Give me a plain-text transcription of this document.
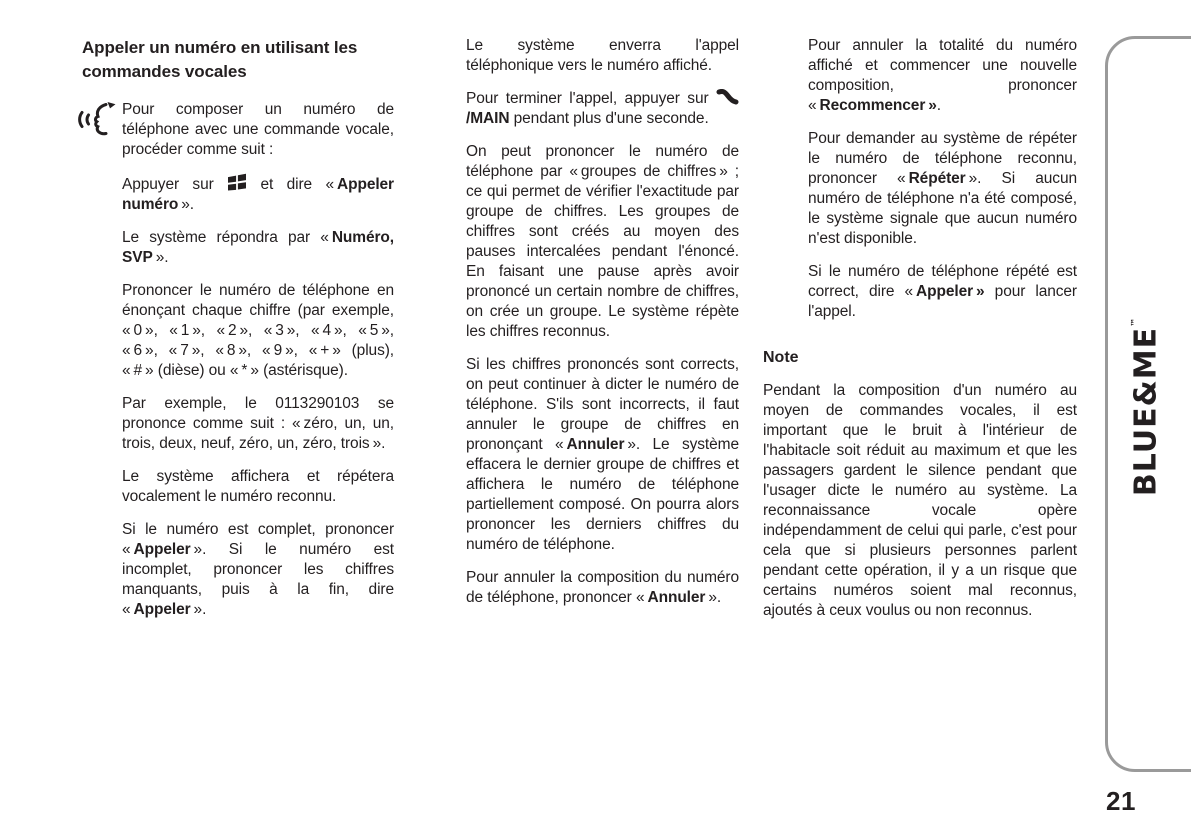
Appeler un numéro en utilisant les commandes vocales

Pour composer un numéro de téléphone avec une commande vocale, procéder comme suit :

Appuyer sur  et dire « Appeler numéro ».

Le système répondra par « Numéro, SVP ».

Prononcer le numéro de téléphone en énonçant chaque chiffre (par exemple, « 0 », « 1 », « 2 », « 3 », « 4 », « 5 », « 6 », « 7 », « 8 », « 9 », « + » (plus), « # » (dièse) ou « * » (astérisque).

Par exemple, le 0113290103 se prononce comme suit : « zéro, un, un, trois, deux, neuf, zéro, un, zéro, trois ».

Le système affichera et répétera vocalement le numéro reconnu.

Si le numéro est complet, prononcer « Appeler ». Si le numéro est incomplet, prononcer les chiffres manquants, puis à la fin, dire « Appeler ».

Le système enverra l'appel téléphonique vers le numéro affiché.

Pour terminer l'appel, appuyer sur /MAIN pendant plus d'une seconde.

On peut prononcer le numéro de téléphone par « groupes de chiffres » ; ce qui permet de vérifier l'exactitude par groupe de chiffres. Les groupes de chiffres sont créés au moyen des pauses intercalées pendant l'énoncé. En faisant une pause après avoir prononcé un certain nombre de chiffres, on crée un groupe. Le système répète les chiffres reconnus.

Si les chiffres prononcés sont corrects, on peut continuer à dicter le numéro de téléphone. S'ils sont incorrects, il faut annuler le groupe de chiffres en prononçant « Annuler ». Le système effacera le dernier groupe de chiffres et affichera le numéro de téléphone partiellement composé. On pourra alors prononcer les derniers chiffres du numéro de téléphone.

Pour annuler la composition du numéro de téléphone, prononcer « Annuler ».

Pour annuler la totalité du numéro affiché et commencer une nouvelle composition, prononcer « Recommencer ».

Pour demander au système de répéter le numéro de téléphone reconnu, prononcer « Répéter ». Si aucun numéro de téléphone n'a été composé, le système signale que aucun numéro n'est disponible.

Si le numéro de téléphone répété est correct, dire « Appeler » pour lancer l'appel.

Note

Pendant la composition d'un numéro au moyen de commandes vocales, il est important que le bruit à l'intérieur de l'habitacle soit réduit au maximum et que les passagers gardent le silence pendant que l'usager dicte le numéro au système. La reconnaissance vocale opère indépendamment de celui qui parle, c'est pour cela que si plusieurs personnes parlent pendant cette opération, il y a un risque que certains numéros soient mal reconnus, ajoutés à ceux voulus ou non reconnus.

BLUE&ME™
21
